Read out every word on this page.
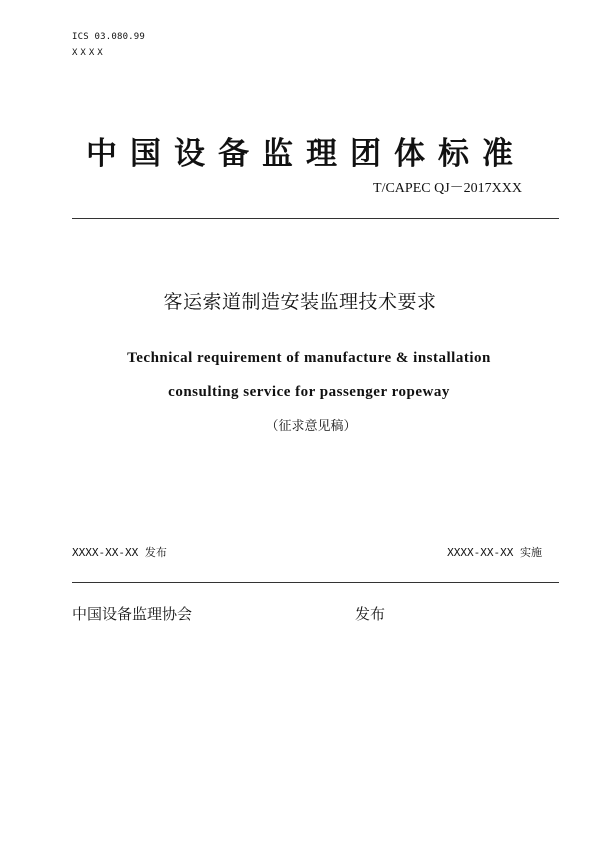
ICS 03.080.99
XXXX
中国设备监理团体标准
T/CAPEC QJ－2017XXX
客运索道制造安装监理技术要求
Technical requirement of manufacture & installation
consulting service for passenger ropeway
（征求意见稿）
XXXX-XX-XX 发布	XXXX-XX-XX 实施
中国设备监理协会	发布
